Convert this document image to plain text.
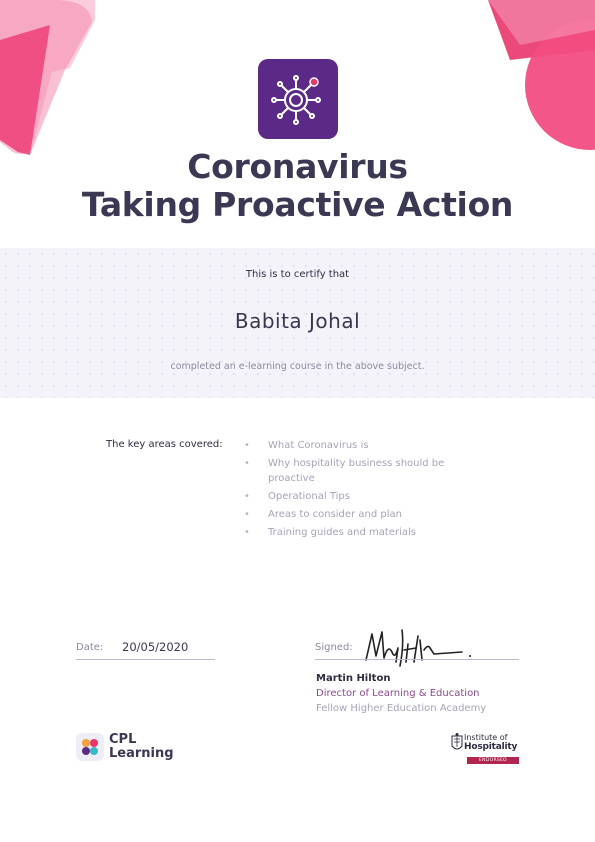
Coronavirus
Taking Proactive Action
This is to certify that
Babita Johal
completed an e-learning course in the above subject.
The key areas covered: • What Coronavirus is
• Why hospitality business should be proactive
• Operational Tips
• Areas to consider and plan
• Training guides and materials
Date: 20/05/2020	Signed:
Martin Hilton
Director of Learning & Education
Fellow Higher Education Academy
CPL
Learning
Institute of
Hospitality
ENDORSED
